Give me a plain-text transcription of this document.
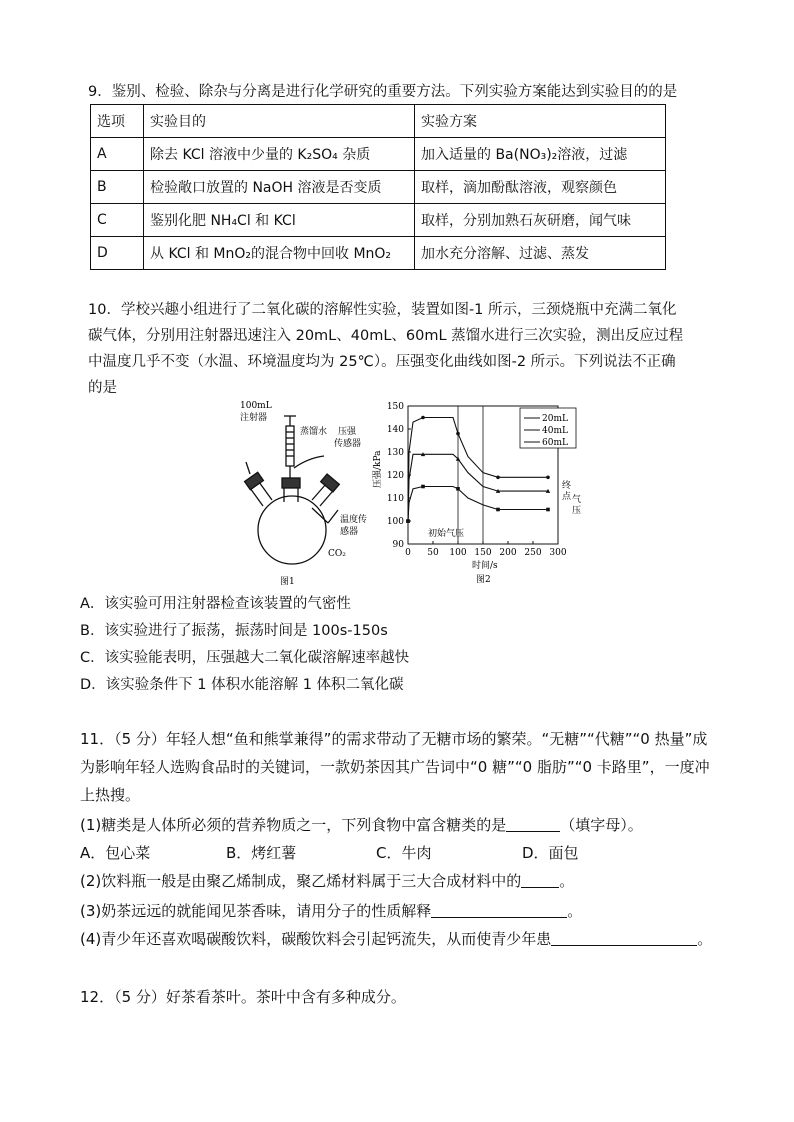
9．鉴别、检验、除杂与分离是进行化学研究的重要方法。下列实验方案能达到实验目的的是
选项	实验目的	实验方案
A	除去 KCl 溶液中少量的 K₂SO₄ 杂质	加入适量的 Ba(NO₃)₂溶液，过滤
B	检验敞口放置的 NaOH 溶液是否变质	取样，滴加酚酞溶液，观察颜色
C	鉴别化肥 NH₄Cl 和 KCl	取样，分别加熟石灰研磨，闻气味
D	从 KCl 和 MnO₂的混合物中回收 MnO₂	加水充分溶解、过滤、蒸发
10．学校兴趣小组进行了二氧化碳的溶解性实验，装置如图-1 所示，三颈烧瓶中充满二氧化
碳气体，分别用注射器迅速注入 20mL、40mL、60mL 蒸馏水进行三次实验，测出反应过程
中温度几乎不变（水温、环境温度均为 25℃）。压强变化曲线如图-2 所示。下列说法不正确
的是
100mL
注射器
蒸馏水 压强
传感器
温度传
感器
CO₂
图1
90
100
110
120
130
140
150
0 50 100 150 200 250 300
20mL
40mL
60mL
终
点 气
压
初始气压
时间/s
图2
压强/kPa
A．该实验可用注射器检查该装置的气密性
B．该实验进行了振荡，振荡时间是 100s-150s
C．该实验能表明，压强越大二氧化碳溶解速率越快
D．该实验条件下 1 体积水能溶解 1 体积二氧化碳
11．（5 分）年轻人想“鱼和熊掌兼得”的需求带动了无糖市场的繁荣。“无糖”“代糖”“0 热量”成
为影响年轻人选购食品时的关键词，一款奶茶因其广告词中“0 糖”“0 脂肪”“0 卡路里”，一度冲
上热搜。
(1)糖类是人体所必须的营养物质之一，下列食物中富含糖类的是	（填字母）。
A．包心菜	B．烤红薯	C．牛肉	D．面包
(2)饮料瓶一般是由聚乙烯制成，聚乙烯材料属于三大合成材料中的	。
(3)奶茶远远的就能闻见茶香味，请用分子的性质解释	。
(4)青少年还喜欢喝碳酸饮料，碳酸饮料会引起钙流失，从而使青少年患	。
12．（5 分）好茶看茶叶。茶叶中含有多种成分。
